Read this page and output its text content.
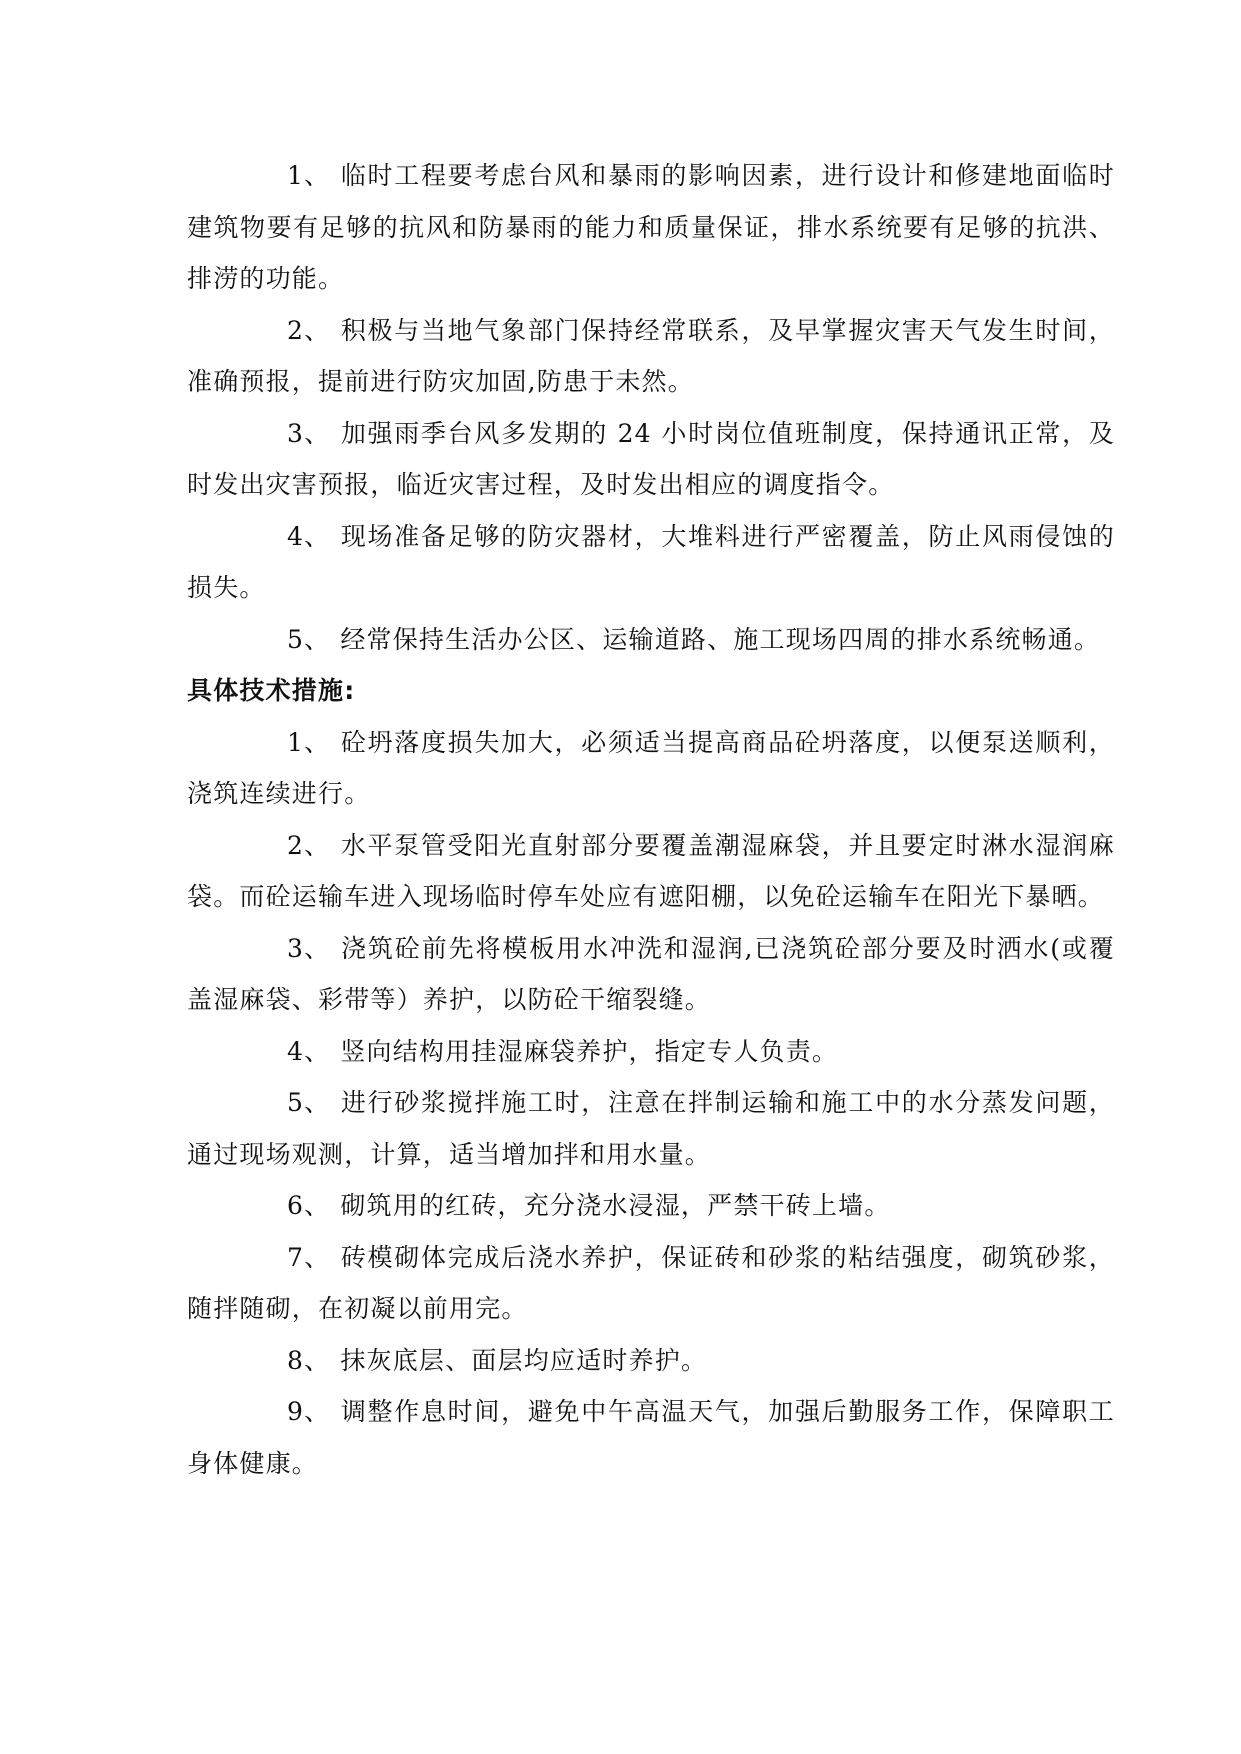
1、 临时工程要考虑台风和暴雨的影响因素，进行设计和修建地面临时建筑物要有足够的抗风和防暴雨的能力和质量保证，排水系统要有足够的抗洪、排涝的功能。

2、 积极与当地气象部门保持经常联系，及早掌握灾害天气发生时间，准确预报，提前进行防灾加固,防患于未然。

3、 加强雨季台风多发期的 24 小时岗位值班制度，保持通讯正常，及时发出灾害预报，临近灾害过程，及时发出相应的调度指令。

4、 现场准备足够的防灾器材，大堆料进行严密覆盖，防止风雨侵蚀的损失。

5、 经常保持生活办公区、运输道路、施工现场四周的排水系统畅通。

具体技术措施:

1、 砼坍落度损失加大，必须适当提高商品砼坍落度，以便泵送顺利，浇筑连续进行。

2、 水平泵管受阳光直射部分要覆盖潮湿麻袋，并且要定时淋水湿润麻袋。而砼运输车进入现场临时停车处应有遮阳棚，以免砼运输车在阳光下暴晒。

3、 浇筑砼前先将模板用水冲洗和湿润,已浇筑砼部分要及时洒水(或覆盖湿麻袋、彩带等）养护，以防砼干缩裂缝。

4、 竖向结构用挂湿麻袋养护，指定专人负责。

5、 进行砂浆搅拌施工时，注意在拌制运输和施工中的水分蒸发问题，通过现场观测，计算，适当增加拌和用水量。

6、 砌筑用的红砖，充分浇水浸湿，严禁干砖上墙。

7、 砖模砌体完成后浇水养护，保证砖和砂浆的粘结强度，砌筑砂浆，随拌随砌，在初凝以前用完。

8、 抹灰底层、面层均应适时养护。

9、 调整作息时间，避免中午高温天气，加强后勤服务工作，保障职工身体健康。
